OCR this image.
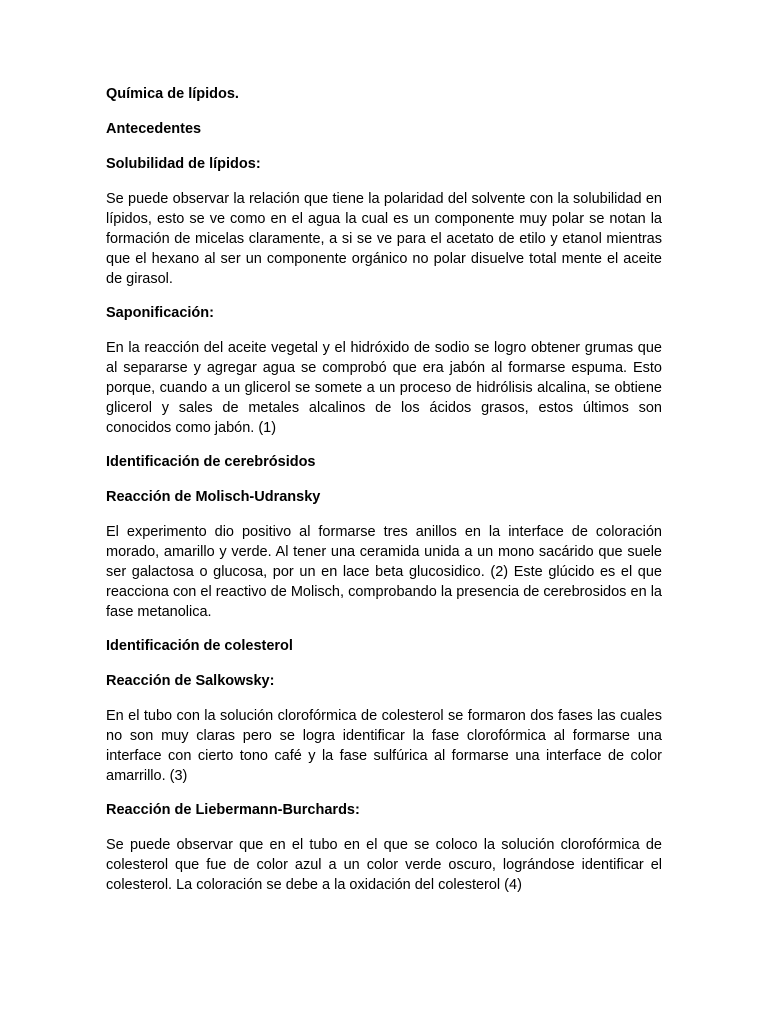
Química de lípidos.

Antecedentes

Solubilidad de lípidos:

Se puede observar la relación que tiene la polaridad del solvente con la solubilidad en lípidos, esto se ve como en el agua la cual es un componente muy polar se notan la formación de micelas claramente, a si se ve para el acetato de etilo y etanol mientras que el hexano al ser un componente orgánico no polar disuelve total mente el aceite de girasol.

Saponificación:

En la reacción del aceite vegetal y el hidróxido de sodio se logro obtener grumas que al separarse y agregar agua se comprobó que era jabón al formarse espuma. Esto porque, cuando a un glicerol se somete a un proceso de hidrólisis alcalina, se obtiene glicerol y sales de metales alcalinos de los ácidos grasos, estos últimos son conocidos como jabón. (1)

Identificación de cerebrósidos

Reacción de Molisch-Udransky

El experimento dio positivo al formarse tres anillos en la interface de coloración morado, amarillo y verde. Al tener una ceramida unida a un mono sacárido que suele ser galactosa o glucosa, por un en lace beta glucosidico. (2) Este glúcido es el que reacciona con el reactivo de Molisch, comprobando la presencia de cerebrosidos en la fase metanolica.

Identificación de colesterol

Reacción de Salkowsky:

En el tubo con la solución clorofórmica de colesterol se formaron dos fases las cuales no son muy claras pero se logra identificar la fase clorofórmica al formarse una interface con cierto tono café y la fase sulfúrica al formarse una interface de color amarrillo. (3)

Reacción de Liebermann-Burchards:

Se puede observar que en el tubo en el que se coloco la solución clorofórmica de colesterol que fue de color azul a un color verde oscuro, lográndose identificar el colesterol. La coloración se debe a la oxidación del colesterol (4)
